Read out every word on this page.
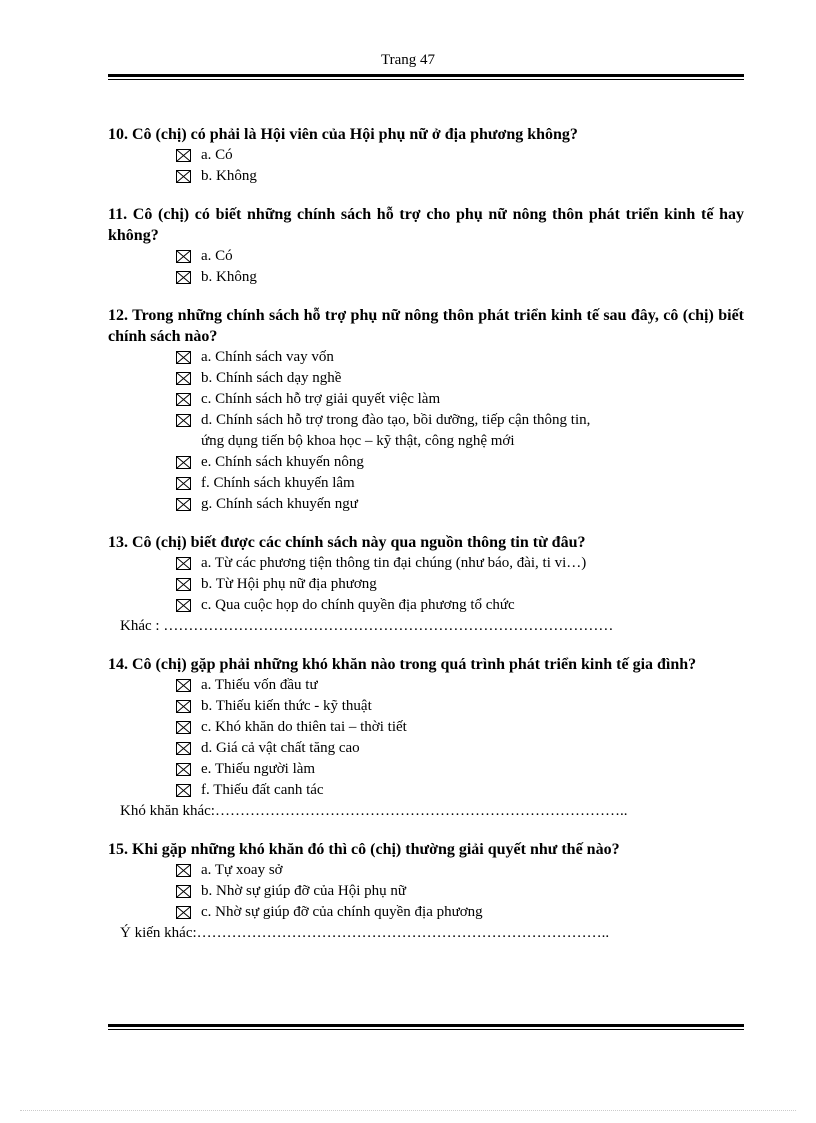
Trang 47
10. Cô (chị) có phải là Hội viên của Hội phụ nữ ở địa phương không?
a. Có
b. Không
11. Cô (chị) có biết những chính sách hỗ trợ cho phụ nữ nông thôn phát triển kinh tế hay không?
a. Có
b. Không
12. Trong những chính sách hỗ trợ phụ nữ nông thôn phát triển kinh tế sau đây, cô (chị) biết chính sách nào?
a. Chính sách vay vốn
b. Chính sách dạy nghề
c. Chính sách hỗ trợ giải quyết việc làm
d. Chính sách hỗ trợ trong đào tạo, bồi dưỡng, tiếp cận thông tin,
ứng dụng tiến bộ khoa học – kỹ thật, công nghệ mới
e. Chính sách khuyến nông
f. Chính sách khuyến lâm
g. Chính sách khuyến ngư
13. Cô (chị) biết được các chính sách này qua nguồn thông tin từ đâu?
a. Từ các phương tiện thông tin đại chúng (như báo, đài, ti vi…)
b. Từ Hội phụ nữ địa phương
c. Qua cuộc họp do chính quyền địa phương tổ chức
Khác : ………………………………………………………………………………
14. Cô (chị) gặp phải những khó khăn nào trong quá trình phát triển kinh tế gia đình?
a. Thiếu vốn đầu tư
b. Thiếu kiến thức - kỹ thuật
c. Khó khăn do thiên tai – thời tiết
d. Giá cả vật chất tăng cao
e. Thiếu người làm
f. Thiếu đất canh tác
Khó khăn khác:………………………………………………………………………..
15. Khi gặp những khó khăn đó thì cô (chị) thường giải quyết như thế nào?
a. Tự xoay sở
b. Nhờ sự giúp đỡ của Hội phụ nữ
c. Nhờ sự giúp đỡ của chính quyền địa phương
Ý kiến khác:………………………………………………………………………..
